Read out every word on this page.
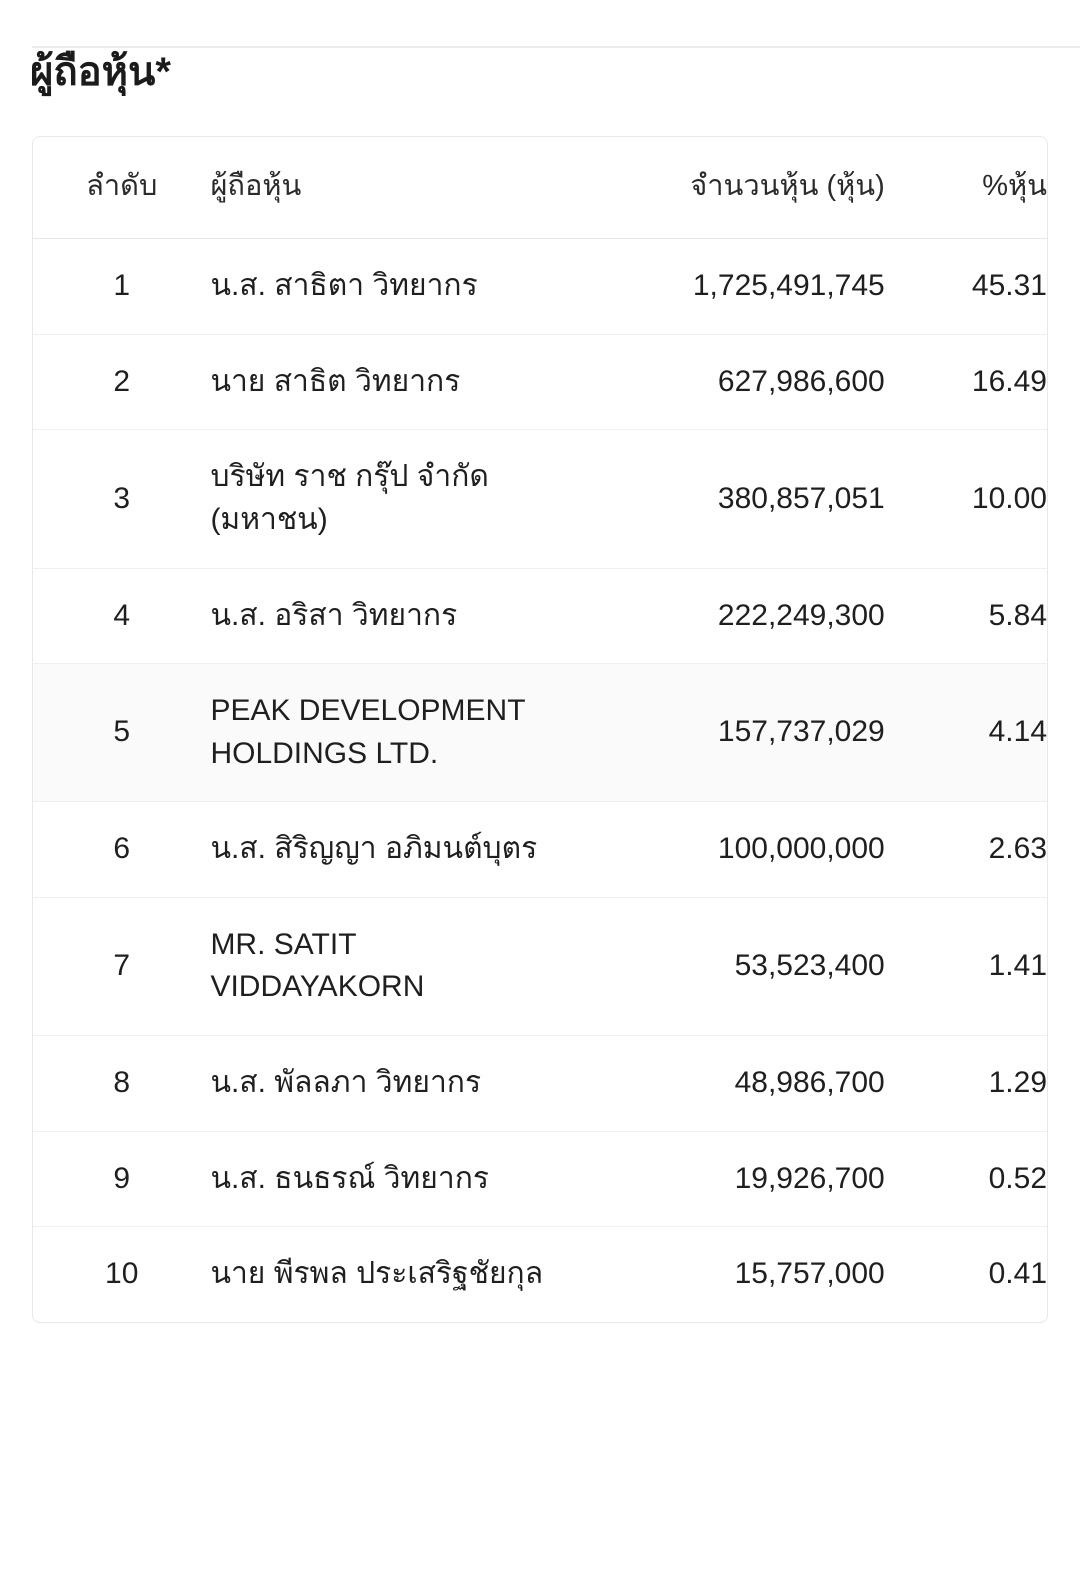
ผู้ถือหุ้น*
ลำดับ	ผู้ถือหุ้น	จำนวนหุ้น (หุ้น)	%หุ้น
1	น.ส. สาธิตา วิทยากร	1,725,491,745	45.31
2	นาย สาธิต วิทยากร	627,986,600	16.49
3	บริษัท ราช กรุ๊ป จำกัด (มหาชน)	380,857,051	10.00
4	น.ส. อริสา วิทยากร	222,249,300	5.84
5	PEAK DEVELOPMENT HOLDINGS LTD.	157,737,029	4.14
6	น.ส. สิริญญา อภิมนต์บุตร	100,000,000	2.63
7	MR. SATIT VIDDAYAKORN	53,523,400	1.41
8	น.ส. พัลลภา วิทยากร	48,986,700	1.29
9	น.ส. ธนธรณ์ วิทยากร	19,926,700	0.52
10	นาย พีรพล ประเสริฐชัยกุล	15,757,000	0.41
